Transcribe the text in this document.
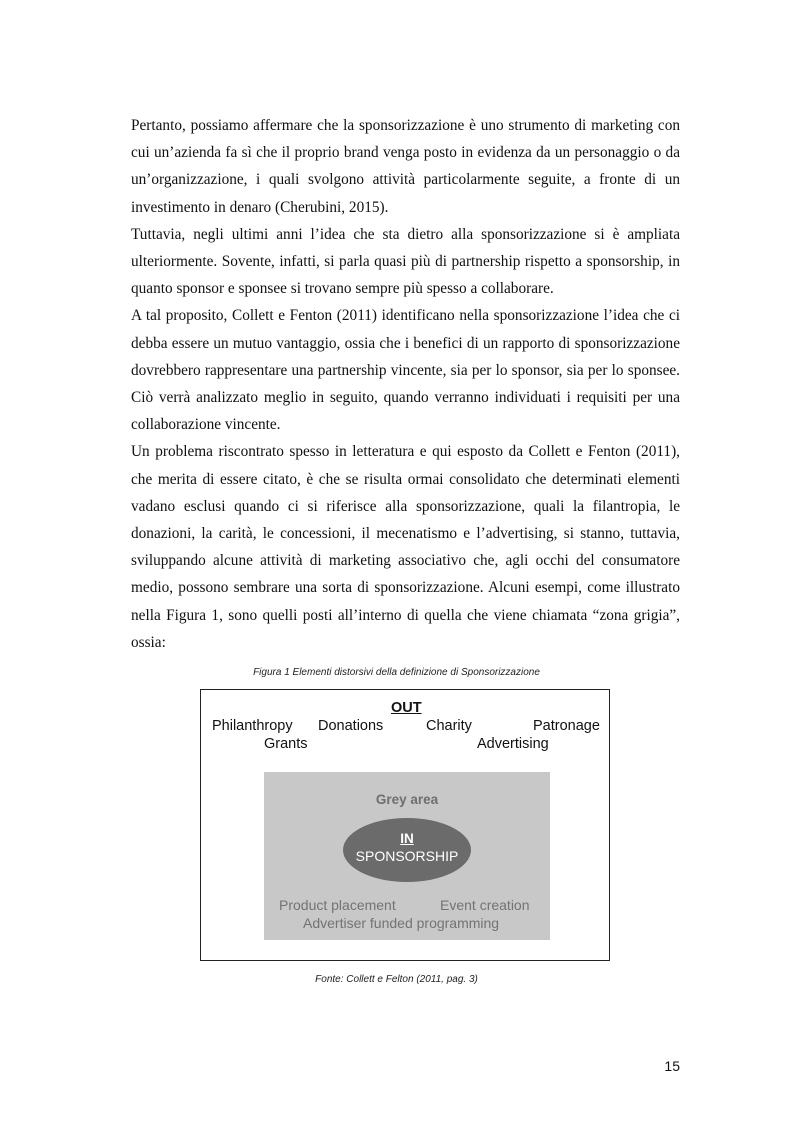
Pertanto, possiamo affermare che la sponsorizzazione è uno strumento di marketing con cui un’azienda fa sì che il proprio brand venga posto in evidenza da un personaggio o da un’organizzazione, i quali svolgono attività particolarmente seguite, a fronte di un investimento in denaro (Cherubini, 2015).

Tuttavia, negli ultimi anni l’idea che sta dietro alla sponsorizzazione si è ampliata ulteriormente. Sovente, infatti, si parla quasi più di partnership rispetto a sponsorship, in quanto sponsor e sponsee si trovano sempre più spesso a collaborare.

A tal proposito, Collett e Fenton (2011) identificano nella sponsorizzazione l’idea che ci debba essere un mutuo vantaggio, ossia che i benefici di un rapporto di sponsorizzazione dovrebbero rappresentare una partnership vincente, sia per lo sponsor, sia per lo sponsee. Ciò verrà analizzato meglio in seguito, quando verranno individuati i requisiti per una collaborazione vincente.

Un problema riscontrato spesso in letteratura e qui esposto da Collett e Fenton (2011), che merita di essere citato, è che se risulta ormai consolidato che determinati elementi vadano esclusi quando ci si riferisce alla sponsorizzazione, quali la filantropia, le donazioni, la carità, le concessioni, il mecenatismo e l’advertising, si stanno, tuttavia, sviluppando alcune attività di marketing associativo che, agli occhi del consumatore medio, possono sembrare una sorta di sponsorizzazione. Alcuni esempi, come illustrato nella Figura 1, sono quelli posti all’interno di quella che viene chiamata “zona grigia”, ossia:

Figura 1 Elementi distorsivi della definizione di Sponsorizzazione
OUT
Philanthropy Donations	Charity	Patronage
Grants	Advertising
Grey area
IN
SPONSORSHIP
Product placement	Event creation
Advertiser funded programming
Fonte: Collett e Felton (2011, pag. 3)
15
